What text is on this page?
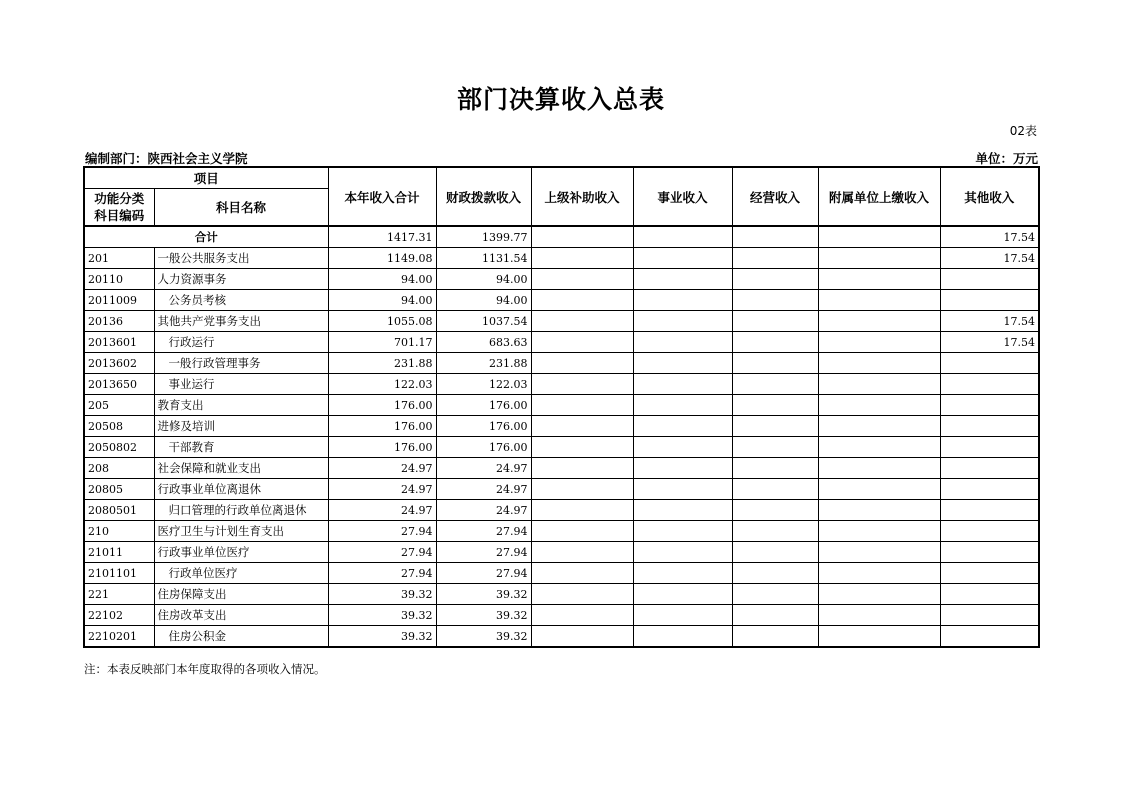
部门决算收入总表
02表
编制部门：陕西社会主义学院	单位：万元
项目		本年收入合计	财政拨款收入	上级补助收入	事业收入	经营收入	附属单位上缴收入	其他收入

功能分类
科目编码	科目名称							
合计		1417.31	1399.77					17.54
201	一般公共服务支出	1149.08	1131.54					17.54
20110	人力资源事务	94.00	94.00					
2011009	公务员考核	94.00	94.00					
20136	其他共产党事务支出	1055.08	1037.54					17.54
2013601	行政运行	701.17	683.63					17.54
2013602	一般行政管理事务	231.88	231.88					
2013650	事业运行	122.03	122.03					
205	教育支出	176.00	176.00					
20508	进修及培训	176.00	176.00					
2050802	干部教育	176.00	176.00					
208	社会保障和就业支出	24.97	24.97					
20805	行政事业单位离退休	24.97	24.97					
2080501	归口管理的行政单位离退休	24.97	24.97					
210	医疗卫生与计划生育支出	27.94	27.94					
21011	行政事业单位医疗	27.94	27.94					
2101101	行政单位医疗	27.94	27.94					
221	住房保障支出	39.32	39.32					
22102	住房改革支出	39.32	39.32					
2210201	住房公积金	39.32	39.32					
注：本表反映部门本年度取得的各项收入情况。
